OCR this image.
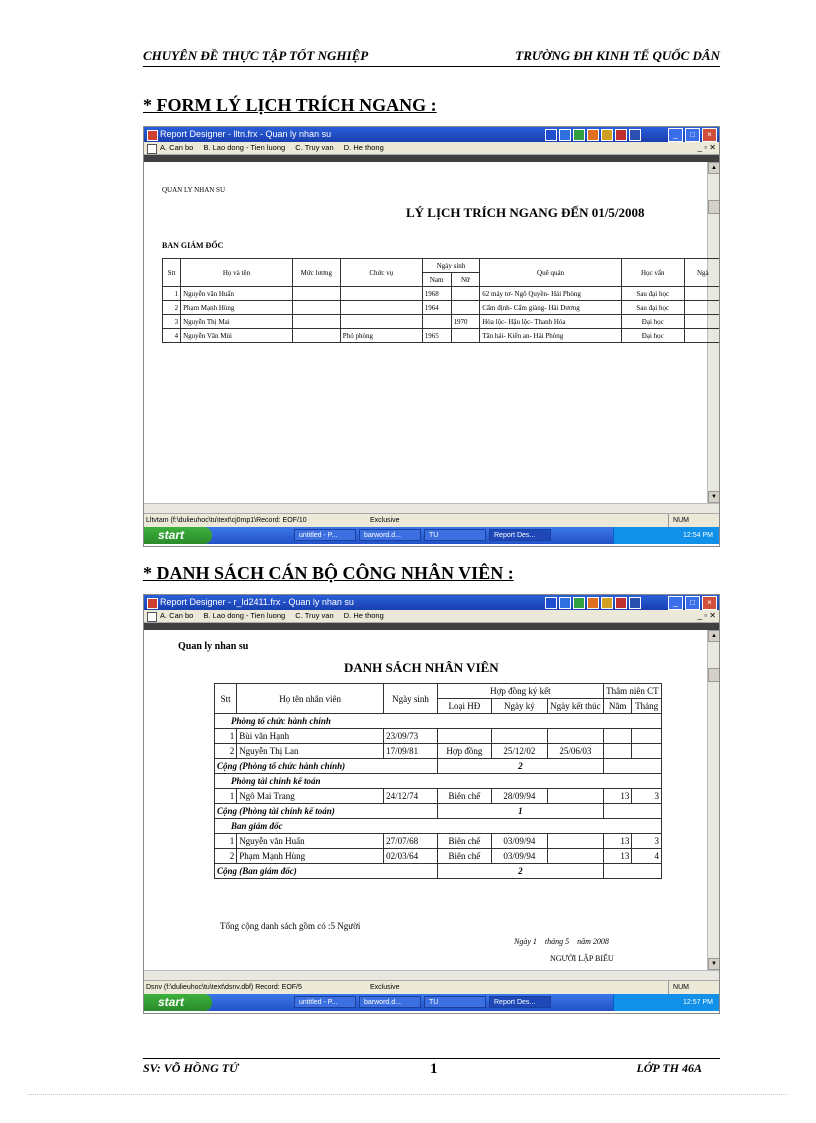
CHUYÊN ĐỀ THỰC TẬP TỐT NGHIỆP	TRƯỜNG ĐH KINH TẾ QUỐC DÂN
* FORM LÝ LỊCH TRÍCH NGANG :
Report Designer - lltn.frx - Quan ly nhan su	_	□	×
A. Can bo B. Lao dong - Tien luong C. Truy van D. He thong	_ ▫ ✕
▲
▼
QUAN LY NHAN SU
LÝ LỊCH TRÍCH NGANG ĐẾN 01/5/2008
BAN GIÁM ĐỐC
Stt	Họ và tên	Mức lương	Chức vụ	Ngày sinh		Quê quán	Học vấn	Ngà
				Nam	Nữ			
1	Nguyễn văn Huấn			1968		62 máy tơ- Ngô Quyền- Hải Phòng	Sau đại học	
2	Phạm Mạnh Hùng			1964		Cẩm định- Cẩm giàng- Hải Dương	Sau đại học	
3	Nguyễn Thị Mai				1970	Hòa lộc- Hậu lộc- Thanh Hóa	Đại học	
4	Nguyễn Văn Mùi		Phó phòng	1965		Tân hải- Kiến an- Hải Phòng	Đại học	
Lltvtam (f:\dulieuhoc\tu\text\cj0mp1\Record: EOF/10	Exclusive	NUM
start	untitled - P...	barword.d...	TU	Report Des...	12:54 PM
* DANH SÁCH CÁN BỘ CÔNG NHÂN VIÊN :
Report Designer - r_ld2411.frx - Quan ly nhan su	_	□	×
A. Can bo B. Lao dong - Tien luong C. Truy van D. He thong	_ ▫ ✕
▲
▼
Quan ly nhan su
DANH SÁCH NHÂN VIÊN
Stt	Họ tên nhân viên	Ngày sinh	Hợp đồng ký kết			Thâm niên CT	
			Loại HĐ	Ngày ký	Ngày kết thúc	Năm	Tháng
Phòng tổ chức hành chính							
1	Bùi văn Hạnh	23/09/73					
2	Nguyễn Thị Lan	17/09/81	Hợp đồng	25/12/02	25/06/03		
Cộng (Phòng tổ chức hành chính)			2				
Phòng tài chính kế toán							
1	Ngô Mai Trang	24/12/74	Biên chế	28/09/94		13	3
Cộng (Phòng tài chính kế toán)			1				
Ban giám đốc							
1	Nguyễn văn Huấn	27/07/68	Biên chế	03/09/94		13	3
2	Phạm Mạnh Hùng	02/03/64	Biên chế	03/09/94		13	4
Cộng (Ban giám đốc)			2				
Tổng cộng danh sách gồm có :5 Người
Ngày 1    tháng 5    năm 2008
NGƯỜI LẬP BIỂU
Dsnv (f:\dulieuhoc\tu\text\dsnv.dbf) Record: EOF/5	Exclusive	NUM
start	untitled - P...	barword.d...	TU	Report Des...	12:57 PM
SV: VÕ HỒNG TỨ	1	LỚP TH 46A
